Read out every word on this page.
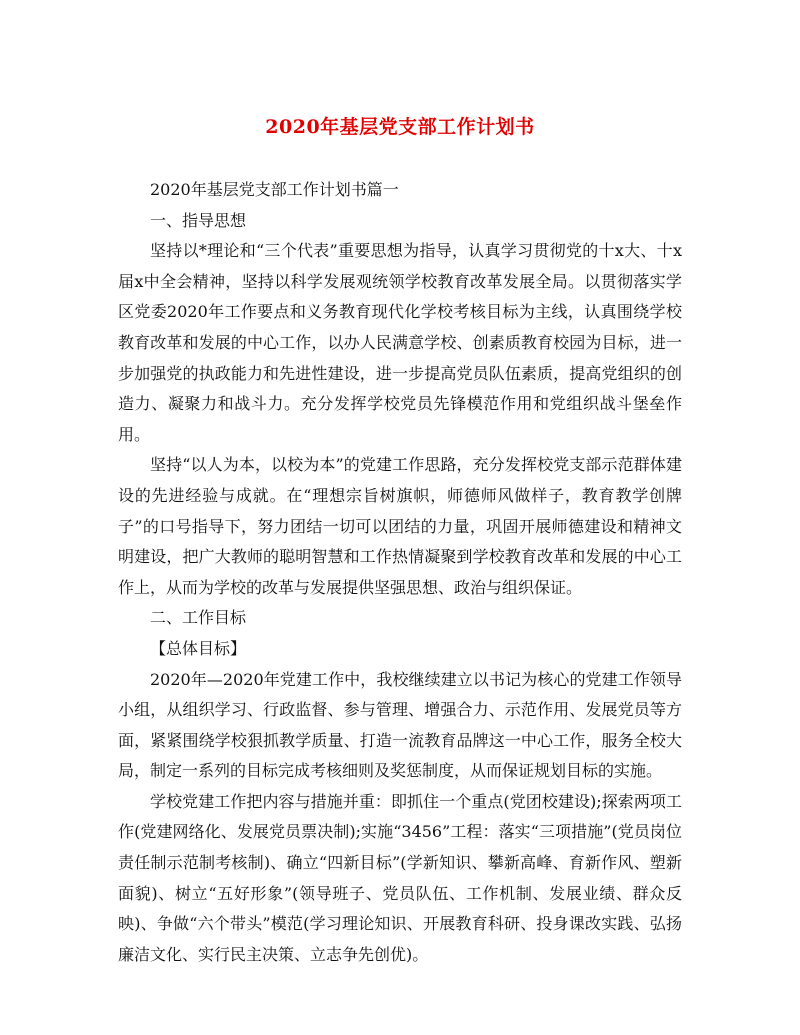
2020年基层党支部工作计划书

2020年基层党支部工作计划书篇一

一、指导思想

坚持以*理论和“三个代表”重要思想为指导，认真学习贯彻党的十x大、十x届x中全会精神，坚持以科学发展观统领学校教育改革发展全局。以贯彻落实学区党委2020年工作要点和义务教育现代化学校考核目标为主线，认真围绕学校教育改革和发展的中心工作，以办人民满意学校、创素质教育校园为目标，进一步加强党的执政能力和先进性建设，进一步提高党员队伍素质，提高党组织的创造力、凝聚力和战斗力。充分发挥学校党员先锋模范作用和党组织战斗堡垒作用。

坚持“以人为本，以校为本”的党建工作思路，充分发挥校党支部示范群体建设的先进经验与成就。在“理想宗旨树旗帜，师德师风做样子，教育教学创牌子”的口号指导下，努力团结一切可以团结的力量，巩固开展师德建设和精神文明建设，把广大教师的聪明智慧和工作热情凝聚到学校教育改革和发展的中心工作上，从而为学校的改革与发展提供坚强思想、政治与组织保证。

二、工作目标

【总体目标】

2020年—2020年党建工作中，我校继续建立以书记为核心的党建工作领导小组，从组织学习、行政监督、参与管理、增强合力、示范作用、发展党员等方面，紧紧围绕学校狠抓教学质量、打造一流教育品牌这一中心工作，服务全校大局，制定一系列的目标完成考核细则及奖惩制度，从而保证规划目标的实施。

学校党建工作把内容与措施并重：即抓住一个重点(党团校建设);探索两项工作(党建网络化、发展党员票决制);实施“3456”工程：落实“三项措施”(党员岗位责任制示范制考核制)、确立“四新目标”(学新知识、攀新高峰、育新作风、塑新面貌)、树立“五好形象”(领导班子、党员队伍、工作机制、发展业绩、群众反映)、争做“六个带头”模范(学习理论知识、开展教育科研、投身课改实践、弘扬廉洁文化、实行民主决策、立志争先创优)。
